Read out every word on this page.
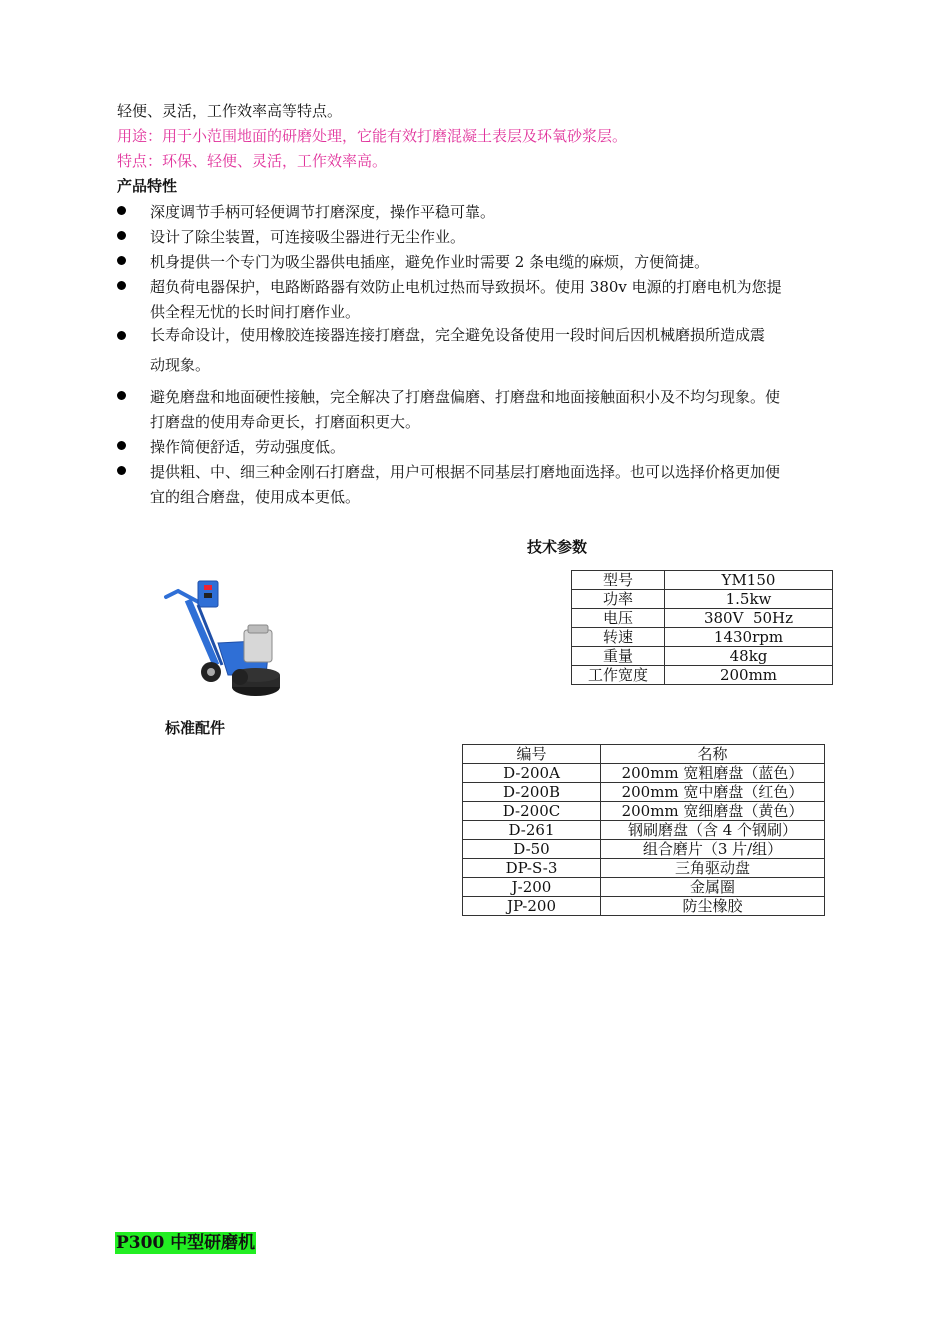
轻便、灵活，工作效率高等特点。
用途：用于小范围地面的研磨处理，它能有效打磨混凝土表层及环氧砂浆层。
特点：环保、轻便、灵活，工作效率高。
产品特性
深度调节手柄可轻便调节打磨深度，操作平稳可靠。
设计了除尘装置，可连接吸尘器进行无尘作业。
机身提供一个专门为吸尘器供电插座，避免作业时需要 2 条电缆的麻烦，方便简捷。
超负荷电器保护，电路断路器有效防止电机过热而导致损坏。使用 380v 电源的打磨电机为您提
供全程无忧的长时间打磨作业。
长寿命设计，使用橡胶连接器连接打磨盘，完全避免设备使用一段时间后因机械磨损所造成震
动现象。
避免磨盘和地面硬性接触，完全解决了打磨盘偏磨、打磨盘和地面接触面积小及不均匀现象。使
打磨盘的使用寿命更长，打磨面积更大。
操作简便舒适，劳动强度低。
提供粗、中、细三种金刚石打磨盘，用户可根据不同基层打磨地面选择。也可以选择价格更加便
宜的组合磨盘，使用成本更低。
技术参数
型号	YM150
功率	1.5kw
电压	380V  50Hz
转速	1430rpm
重量	48kg
工作宽度	200mm
标准配件
编号	名称
D-200A	200mm 宽粗磨盘（蓝色）
D-200B	200mm 宽中磨盘（红色）
D-200C	200mm 宽细磨盘（黄色）
D-261	钢刷磨盘（含 4 个钢刷）
D-50	组合磨片（3 片/组）
DP-S-3	三角驱动盘
J-200	金属圈
JP-200	防尘橡胶
P300 中型研磨机
